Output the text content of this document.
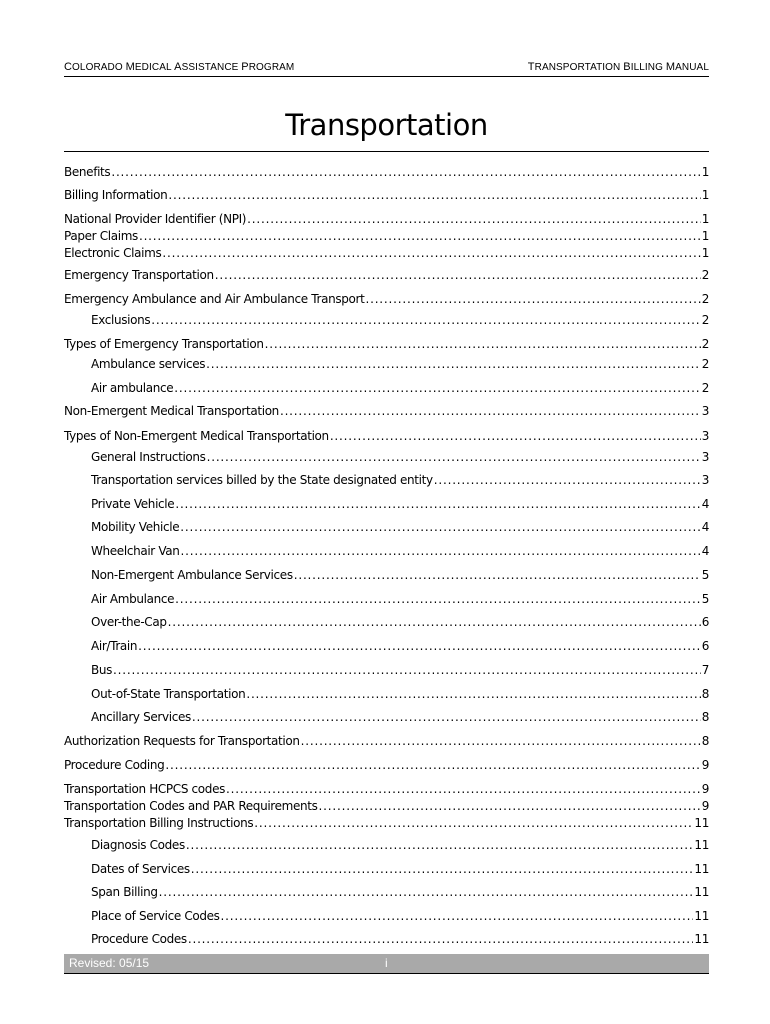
COLORADO MEDICAL ASSISTANCE PROGRAM	TRANSPORTATION BILLING MANUAL
Transportation
Benefits .....	1
Billing Information .....	1
National Provider Identifier (NPI) .....	1
Paper Claims .....	1
Electronic Claims .....	1
Emergency Transportation .....	2
Emergency Ambulance and Air Ambulance Transport .....	2
Exclusions .....	2
Types of Emergency Transportation .....	2
Ambulance services .....	2
Air ambulance .....	2
Non-Emergent Medical Transportation .....	3
Types of Non-Emergent Medical Transportation .....	3
General Instructions .....	3
Transportation services billed by the State designated entity .....	3
Private Vehicle .....	4
Mobility Vehicle .....	4
Wheelchair Van .....	4
Non-Emergent Ambulance Services .....	5
Air Ambulance .....	5
Over-the-Cap .....	6
Air/Train .....	6
Bus .....	7
Out-of-State Transportation .....	8
Ancillary Services .....	8
Authorization Requests for Transportation .....	8
Procedure Coding .....	9
Transportation HCPCS codes .....	9
Transportation Codes and PAR Requirements .....	9
Transportation Billing Instructions .....	11
Diagnosis Codes .....	11
Dates of Services .....	11
Span Billing .....	11
Place of Service Codes .....	11
Procedure Codes .....	11
Revised: 05/15	i
